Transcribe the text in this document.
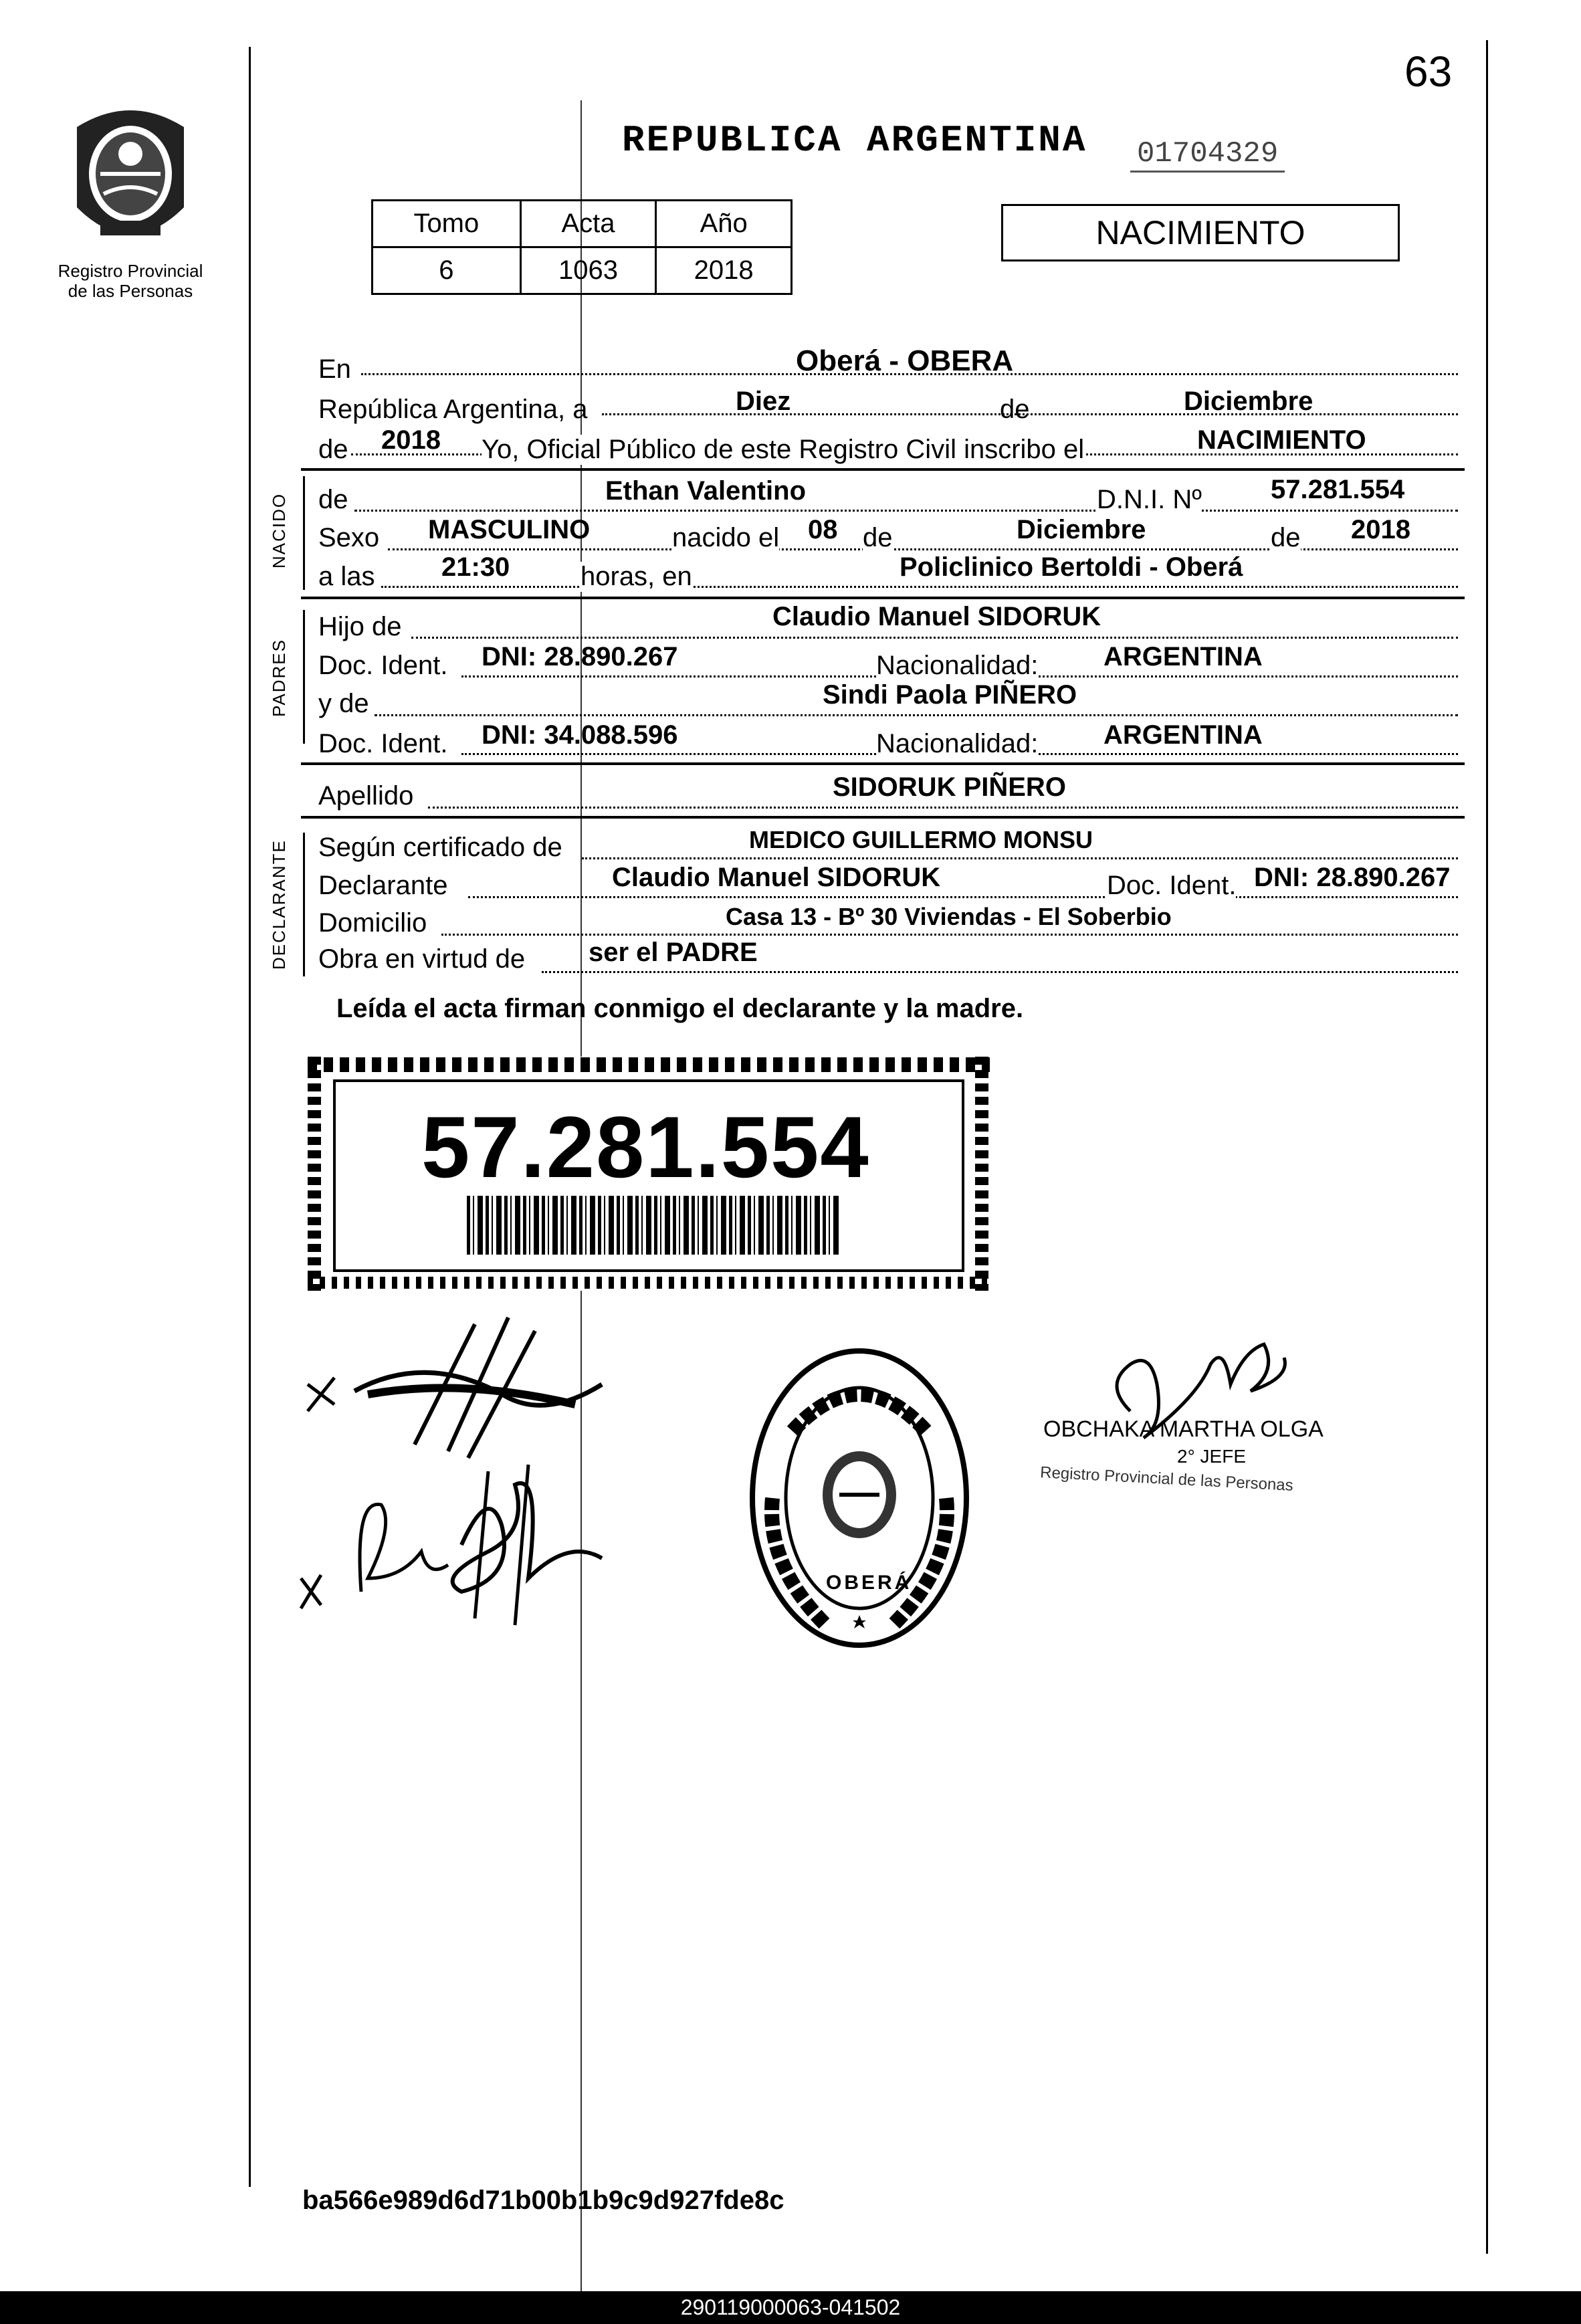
63
Registro Provincial
de las Personas
REPUBLICA ARGENTINA 01704329
Tomo	Acta	Año
6	1063	2018
NACIMIENTO
En	Oberá - OBERA
República Argentina, a	Diez	de	Diciembre
de 2018 Yo, Oficial Público de este Registro Civil inscribo el	NACIMIENTO
NACIDO de	Ethan Valentino	D.N.I. Nº	57.281.554
Sexo MASCULINO	nacido el 08 de	Diciembre	de 2018
a las 21:30	horas, en	Policlinico Bertoldi - Oberá
PADRES
Hijo de	Claudio Manuel SIDORUK
Doc. Ident. DNI: 28.890.267	Nacionalidad: ARGENTINA
y de	Sindi Paola PIÑERO
Doc. Ident. DNI: 34.088.596	Nacionalidad: ARGENTINA
Apellido	SIDORUK PIÑERO
DECLARANTE Según certificado de	MEDICO GUILLERMO MONSU
Declarante	Claudio Manuel SIDORUK	Doc. Ident. DNI: 28.890.267
Domicilio	Casa 13 - Bº 30 Viviendas - El Soberbio
Obra en virtud de ser el PADRE
Leída el acta firman conmigo el declarante y la madre.
57.281.554
OBERÁ
OBCHAKA MARTHA OLGA
2° JEFE
Registro Provincial de las Personas
ba566e989d6d71b00b1b9c9d927fde8c
290119000063-041502
